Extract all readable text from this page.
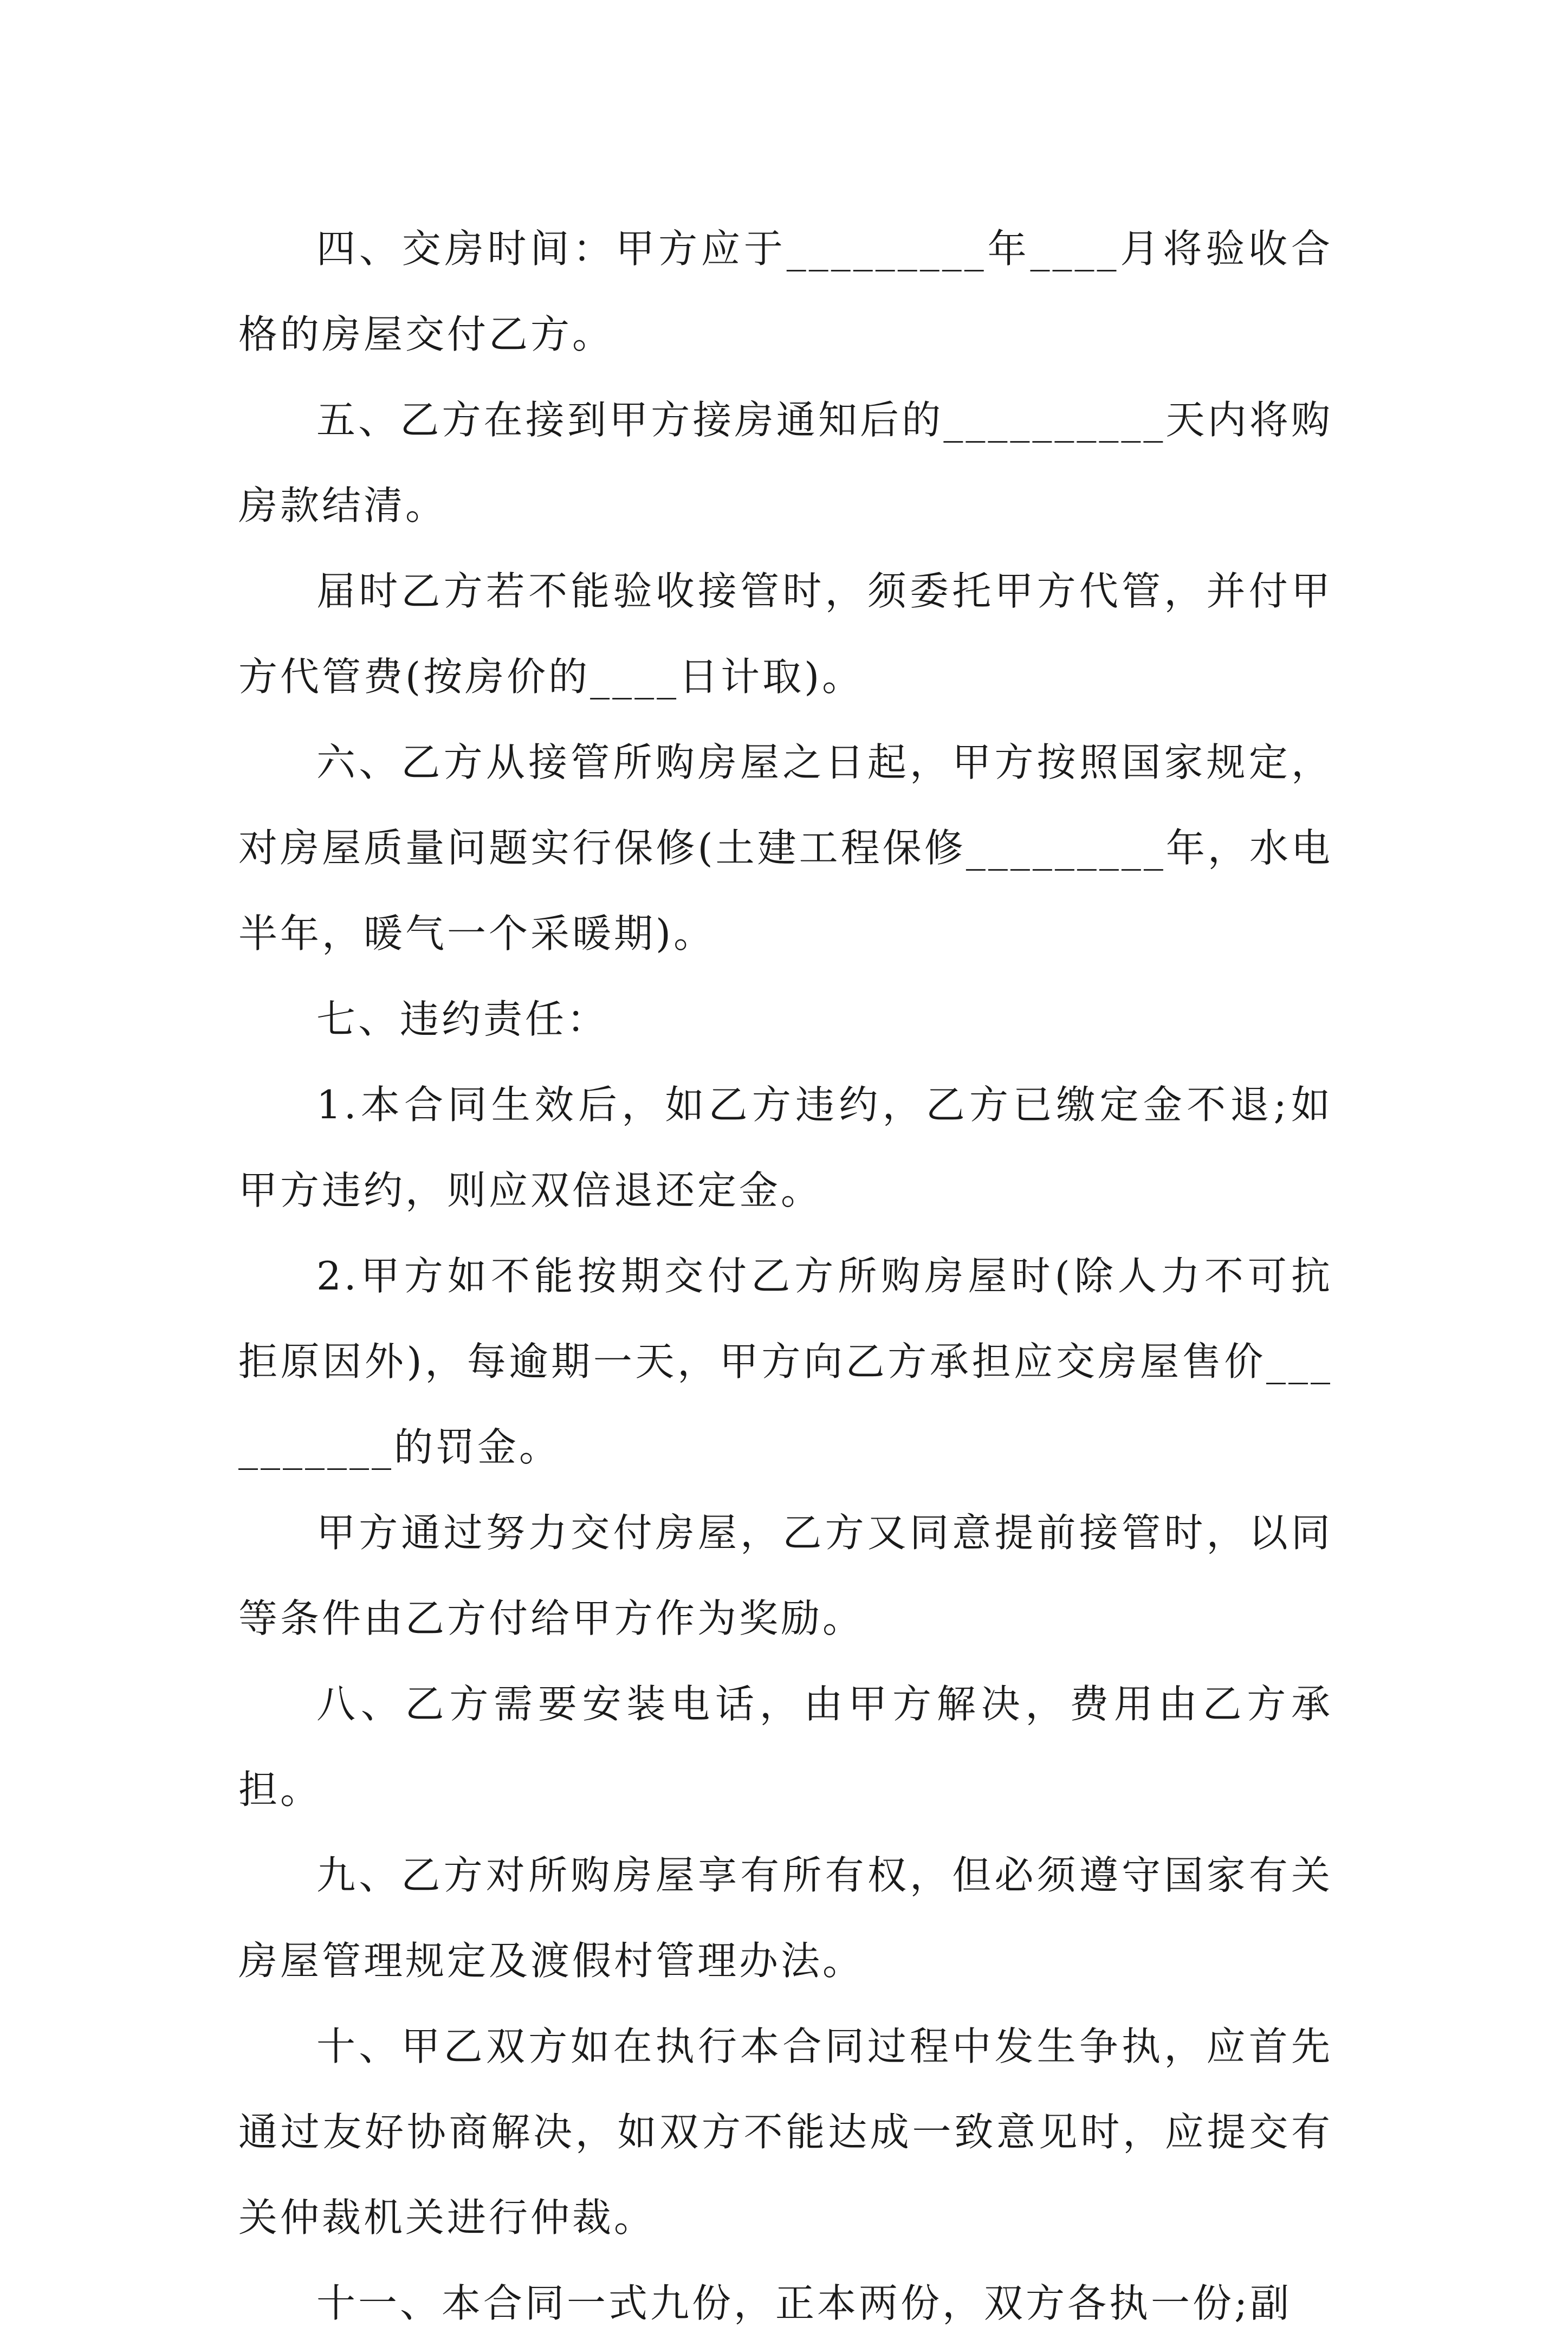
四、交房时间：甲方应于_________年____月将验收合格的房屋交付乙方。

五、乙方在接到甲方接房通知后的__________天内将购房款结清。

届时乙方若不能验收接管时，须委托甲方代管，并付甲方代管费(按房价的____日计取)。

六、乙方从接管所购房屋之日起，甲方按照国家规定，对房屋质量问题实行保修(土建工程保修_________年，水电半年，暖气一个采暖期)。

七、违约责任：

1.本合同生效后，如乙方违约，乙方已缴定金不退;如甲方违约，则应双倍退还定金。

2.甲方如不能按期交付乙方所购房屋时(除人力不可抗拒原因外)，每逾期一天，甲方向乙方承担应交房屋售价__________的罚金。

甲方通过努力交付房屋，乙方又同意提前接管时，以同等条件由乙方付给甲方作为奖励。

八、乙方需要安装电话，由甲方解决，费用由乙方承担。

九、乙方对所购房屋享有所有权，但必须遵守国家有关房屋管理规定及渡假村管理办法。

十、甲乙双方如在执行本合同过程中发生争执，应首先通过友好协商解决，如双方不能达成一致意见时，应提交有关仲裁机关进行仲裁。

十一、本合同一式九份，正本两份，双方各执一份;副
